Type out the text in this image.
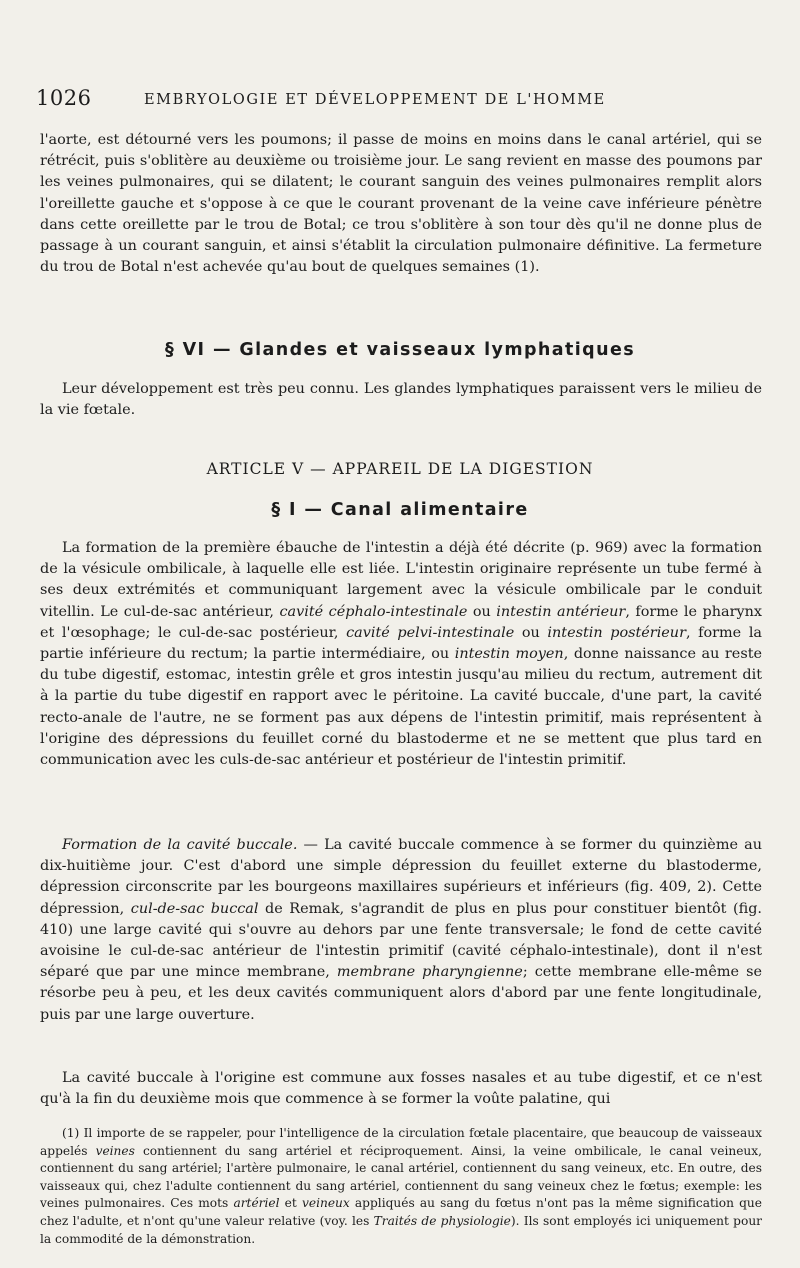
1026	EMBRYOLOGIE ET DÉVELOPPEMENT DE L'HOMME

l'aorte, est détourné vers les poumons; il passe de moins en moins dans le canal artériel, qui se rétrécit, puis s'oblitère au deuxième ou troisième jour. Le sang revient en masse des poumons par les veines pulmonaires, qui se dilatent; le courant sanguin des veines pulmonaires remplit alors l'oreillette gauche et s'oppose à ce que le courant provenant de la veine cave inférieure pénètre dans cette oreillette par le trou de Botal; ce trou s'oblitère à son tour dès qu'il ne donne plus de passage à un courant sanguin, et ainsi s'établit la circulation pulmonaire définitive. La fermeture du trou de Botal n'est achevée qu'au bout de quelques semaines (1).

§ VI — Glandes et vaisseaux lymphatiques

Leur développement est très peu connu. Les glandes lymphatiques paraissent vers le milieu de la vie fœtale.

ARTICLE V — APPAREIL DE LA DIGESTION
§ I — Canal alimentaire

La formation de la première ébauche de l'intestin a déjà été décrite (p. 969) avec la formation de la vésicule ombilicale, à laquelle elle est liée. L'intestin originaire représente un tube fermé à ses deux extrémités et communiquant largement avec la vésicule ombilicale par le conduit vitellin. Le cul-de-sac antérieur, cavité céphalo-intestinale ou intestin antérieur, forme le pharynx et l'œsophage; le cul-de-sac postérieur, cavité pelvi-intestinale ou intestin postérieur, forme la partie inférieure du rectum; la partie intermédiaire, ou intestin moyen, donne naissance au reste du tube digestif, estomac, intestin grêle et gros intestin jusqu'au milieu du rectum, autrement dit à la partie du tube digestif en rapport avec le péritoine. La cavité buccale, d'une part, la cavité recto-anale de l'autre, ne se forment pas aux dépens de l'intestin primitif, mais représentent à l'origine des dépressions du feuillet corné du blastoderme et ne se mettent que plus tard en communication avec les culs-de-sac antérieur et postérieur de l'intestin primitif.

Formation de la cavité buccale. — La cavité buccale commence à se former du quinzième au dix-huitième jour. C'est d'abord une simple dépression du feuillet externe du blastoderme, dépression circonscrite par les bourgeons maxillaires supérieurs et inférieurs (fig. 409, 2). Cette dépression, cul-de-sac buccal de Remak, s'agrandit de plus en plus pour constituer bientôt (fig. 410) une large cavité qui s'ouvre au dehors par une fente transversale; le fond de cette cavité avoisine le cul-de-sac antérieur de l'intestin primitif (cavité céphalo-intestinale), dont il n'est séparé que par une mince membrane, membrane pharyngienne; cette membrane elle-même se résorbe peu à peu, et les deux cavités communiquent alors d'abord par une fente longitudinale, puis par une large ouverture.

La cavité buccale à l'origine est commune aux fosses nasales et au tube digestif, et ce n'est qu'à la fin du deuxième mois que commence à se former la voûte palatine, qui

(1) Il importe de se rappeler, pour l'intelligence de la circulation fœtale placentaire, que beaucoup de vaisseaux appelés veines contiennent du sang artériel et réciproquement. Ainsi, la veine ombilicale, le canal veineux, contiennent du sang artériel; l'artère pulmonaire, le canal artériel, contiennent du sang veineux, etc. En outre, des vaisseaux qui, chez l'adulte contiennent du sang artériel, contiennent du sang veineux chez le fœtus; exemple: les veines pulmonaires. Ces mots artériel et veineux appliqués au sang du fœtus n'ont pas la même signification que chez l'adulte, et n'ont qu'une valeur relative (voy. les Traités de physiologie). Ils sont employés ici uniquement pour la commodité de la démonstration.
